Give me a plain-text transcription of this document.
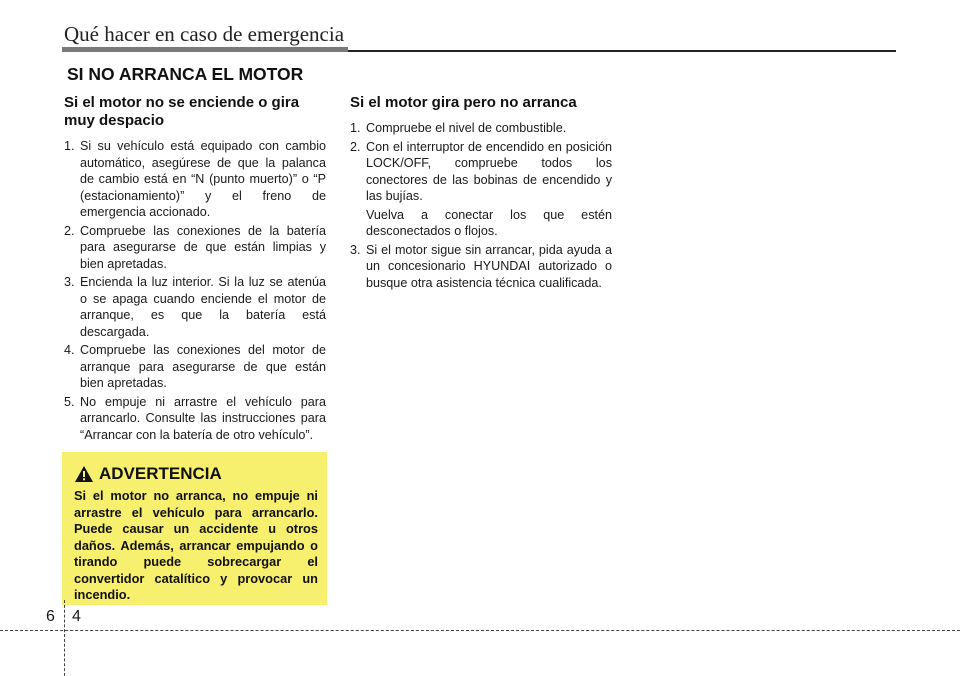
Qué hacer en caso de emergencia
SI NO ARRANCA EL MOTOR
Si el motor no se enciende o gira muy despacio
1. Si su vehículo está equipado con cambio automático, asegúrese de que la palanca de cambio está en “N (punto muerto)” o “P (estacionamiento)” y el freno de emergencia accionado.
2. Compruebe las conexiones de la batería para asegurarse de que están limpias y bien apretadas.
3. Encienda la luz interior. Si la luz se atenúa o se apaga cuando enciende el motor de arranque, es que la batería está descargada.
4. Compruebe las conexiones del motor de arranque para asegurarse de que están bien apretadas.
5. No empuje ni arrastre el vehículo para arrancarlo. Consulte las instrucciones para “Arrancar con la batería de otro vehículo”.
ADVERTENCIA
Si el motor no arranca, no empuje ni arrastre el vehículo para arrancarlo. Puede causar un accidente u otros daños. Además, arrancar empujando o tirando puede sobrecargar el convertidor catalítico y provocar un incendio.
Si el motor gira pero no arranca
1. Compruebe el nivel de combustible.
2. Con el interruptor de encendido en posición LOCK/OFF, compruebe todos los conectores de las bobinas de encendido y las bujías.
Vuelva a conectar los que estén desconectados o flojos.
3. Si el motor sigue sin arrancar, pida ayuda a un concesionario HYUNDAI autorizado o busque otra asistencia técnica cualificada.
6 4
